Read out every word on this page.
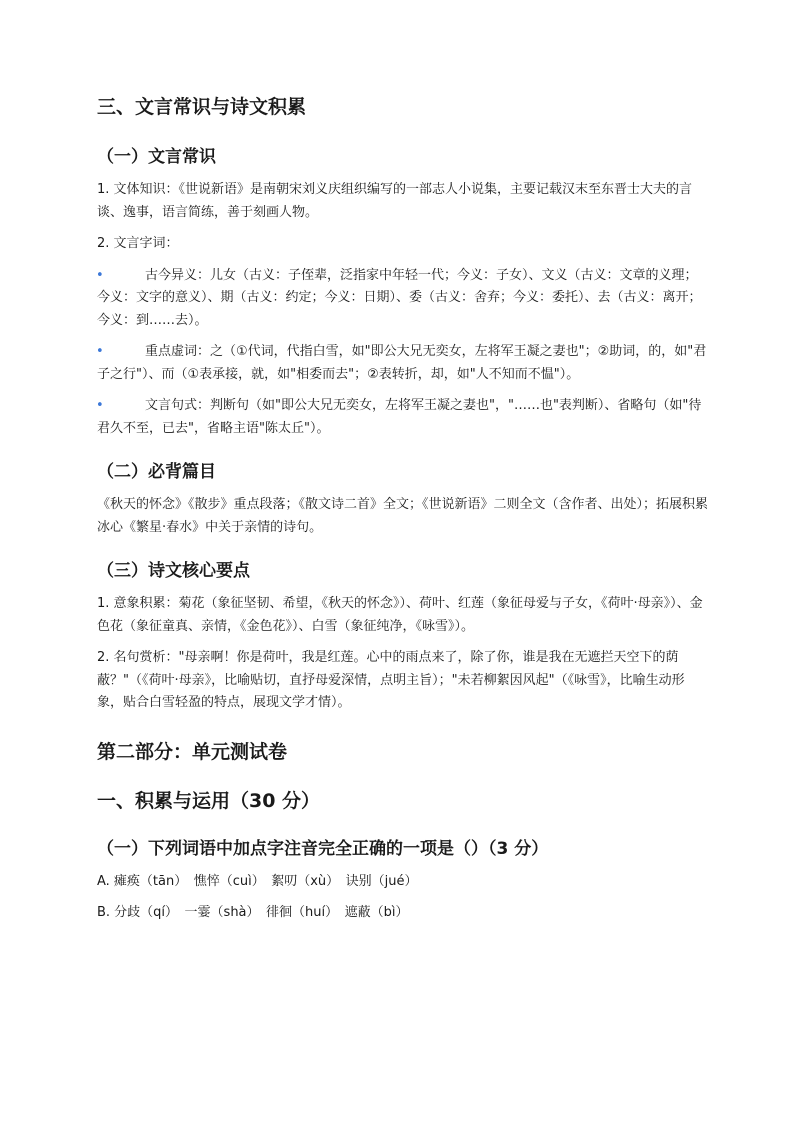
三、文言常识与诗文积累
（一）文言常识

1. 文体知识：《世说新语》是南朝宋刘义庆组织编写的一部志人小说集，主要记载汉末至东晋士大夫的言谈、逸事，语言简练，善于刻画人物。

2. 文言字词：

•	古今异义：儿女（古义：子侄辈，泛指家中年轻一代；今义：子女）、文义（古义：文章的义理；今义：文字的意义）、期（古义：约定；今义：日期）、委（古义：舍弃；今义：委托）、去（古义：离开；今义：到……去）。

•	重点虚词：之（①代词，代指白雪，如"即公大兄无奕女，左将军王凝之妻也"；②助词，的，如"君子之行"）、而（①表承接，就，如"相委而去"；②表转折，却，如"人不知而不愠"）。

•	文言句式：判断句（如"即公大兄无奕女，左将军王凝之妻也"，"……也"表判断）、省略句（如"待君久不至，已去"，省略主语"陈太丘"）。

（二）必背篇目

《秋天的怀念》《散步》重点段落；《散文诗二首》全文；《世说新语》二则全文（含作者、出处）；拓展积累冰心《繁星·春水》中关于亲情的诗句。

（三）诗文核心要点

1. 意象积累：菊花（象征坚韧、希望，《秋天的怀念》）、荷叶、红莲（象征母爱与子女，《荷叶·母亲》）、金色花（象征童真、亲情，《金色花》）、白雪（象征纯净，《咏雪》）。

2. 名句赏析："母亲啊！你是荷叶，我是红莲。心中的雨点来了，除了你，谁是我在无遮拦天空下的荫蔽？"（《荷叶·母亲》，比喻贴切，直抒母爱深情，点明主旨）；"未若柳絮因风起"（《咏雪》，比喻生动形象，贴合白雪轻盈的特点，展现文学才情）。

第二部分：单元测试卷
一、积累与运用（30 分）
（一）下列词语中加点字注音完全正确的一项是（）（3 分）

A. 瘫痪（tān）　憔悴（cuì）　絮叨（xù）　诀别（jué）

B. 分歧（qí）　一霎（shà）　徘徊（huí）　遮蔽（bì）
